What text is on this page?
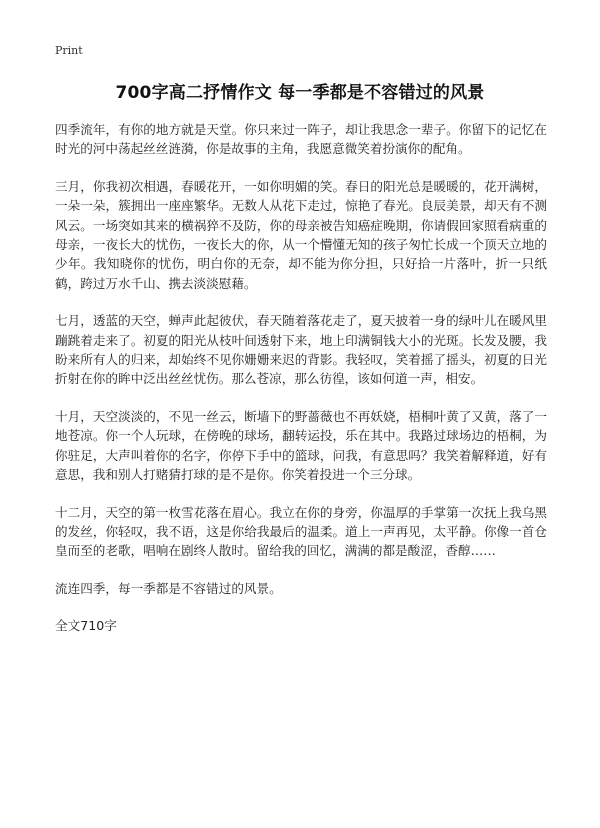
Print
700字高二抒情作文 每一季都是不容错过的风景

四季流年，有你的地方就是天堂。你只来过一阵子，却让我思念一辈子。你留下的记忆在时光的河中荡起丝丝涟漪，你是故事的主角，我愿意微笑着扮演你的配角。

三月，你我初次相遇，春暖花开，一如你明媚的笑。春日的阳光总是暖暖的，花开满树，一朵一朵，簇拥出一座座繁华。无数人从花下走过，惊艳了春光。良辰美景，却天有不测风云。一场突如其来的横祸猝不及防，你的母亲被告知癌症晚期，你请假回家照看病重的母亲，一夜长大的忧伤，一夜长大的你，从一个懵懂无知的孩子匆忙长成一个顶天立地的少年。我知晓你的忧伤，明白你的无奈，却不能为你分担，只好拾一片落叶，折一只纸鹤，跨过万水千山、携去淡淡慰藉。

七月，透蓝的天空，蝉声此起彼伏，春天随着落花走了，夏天披着一身的绿叶儿在暖风里蹦跳着走来了。初夏的阳光从枝叶间透射下来，地上印满铜钱大小的光斑。长发及腰，我盼来所有人的归来，却始终不见你姗姗来迟的背影。我轻叹，笑着摇了摇头，初夏的日光折射在你的眸中泛出丝丝忧伤。那么苍凉，那么彷徨，该如何道一声，相安。

十月，天空淡淡的，不见一丝云，断墙下的野蔷薇也不再妖娆，梧桐叶黄了又黄，落了一地苍凉。你一个人玩球，在傍晚的球场，翻转运投，乐在其中。我路过球场边的梧桐，为你驻足，大声叫着你的名字，你停下手中的篮球，问我，有意思吗？我笑着解释道，好有意思，我和别人打赌猜打球的是不是你。你笑着投进一个三分球。

十二月，天空的第一枚雪花落在眉心。我立在你的身旁，你温厚的手掌第一次抚上我乌黑的发丝，你轻叹，我不语，这是你给我最后的温柔。道上一声再见，太平静。你像一首仓皇而至的老歌，唱响在剧终人散时。留给我的回忆，满满的都是酸涩，香醇……

流连四季，每一季都是不容错过的风景。

全文710字
